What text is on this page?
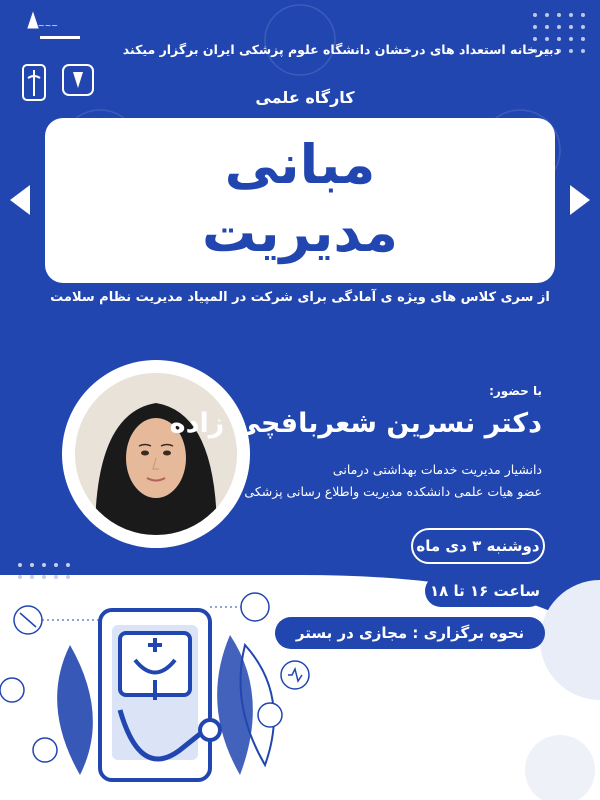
~~~
دبیرخانه استعداد های درخشان دانشگاه علوم پزشکی ایران برگزار میکند
کارگاه علمی
مبانی
مدیریت
از سری کلاس های ویژه ی آمادگی برای شرکت در المپیاد مدیریت نظام سلامت
با حضور:
دکتر نسرین شعربافچی زاده
دانشیار مدیریت خدمات بهداشتی درمانی
عضو هیات علمی دانشکده مدیریت واطلاع رسانی پزشکی
دوشنبه ۳ دی ماه
ساعت ۱۶ تا ۱۸
نحوه برگزاری : مجازی در بستر اسکای روم
